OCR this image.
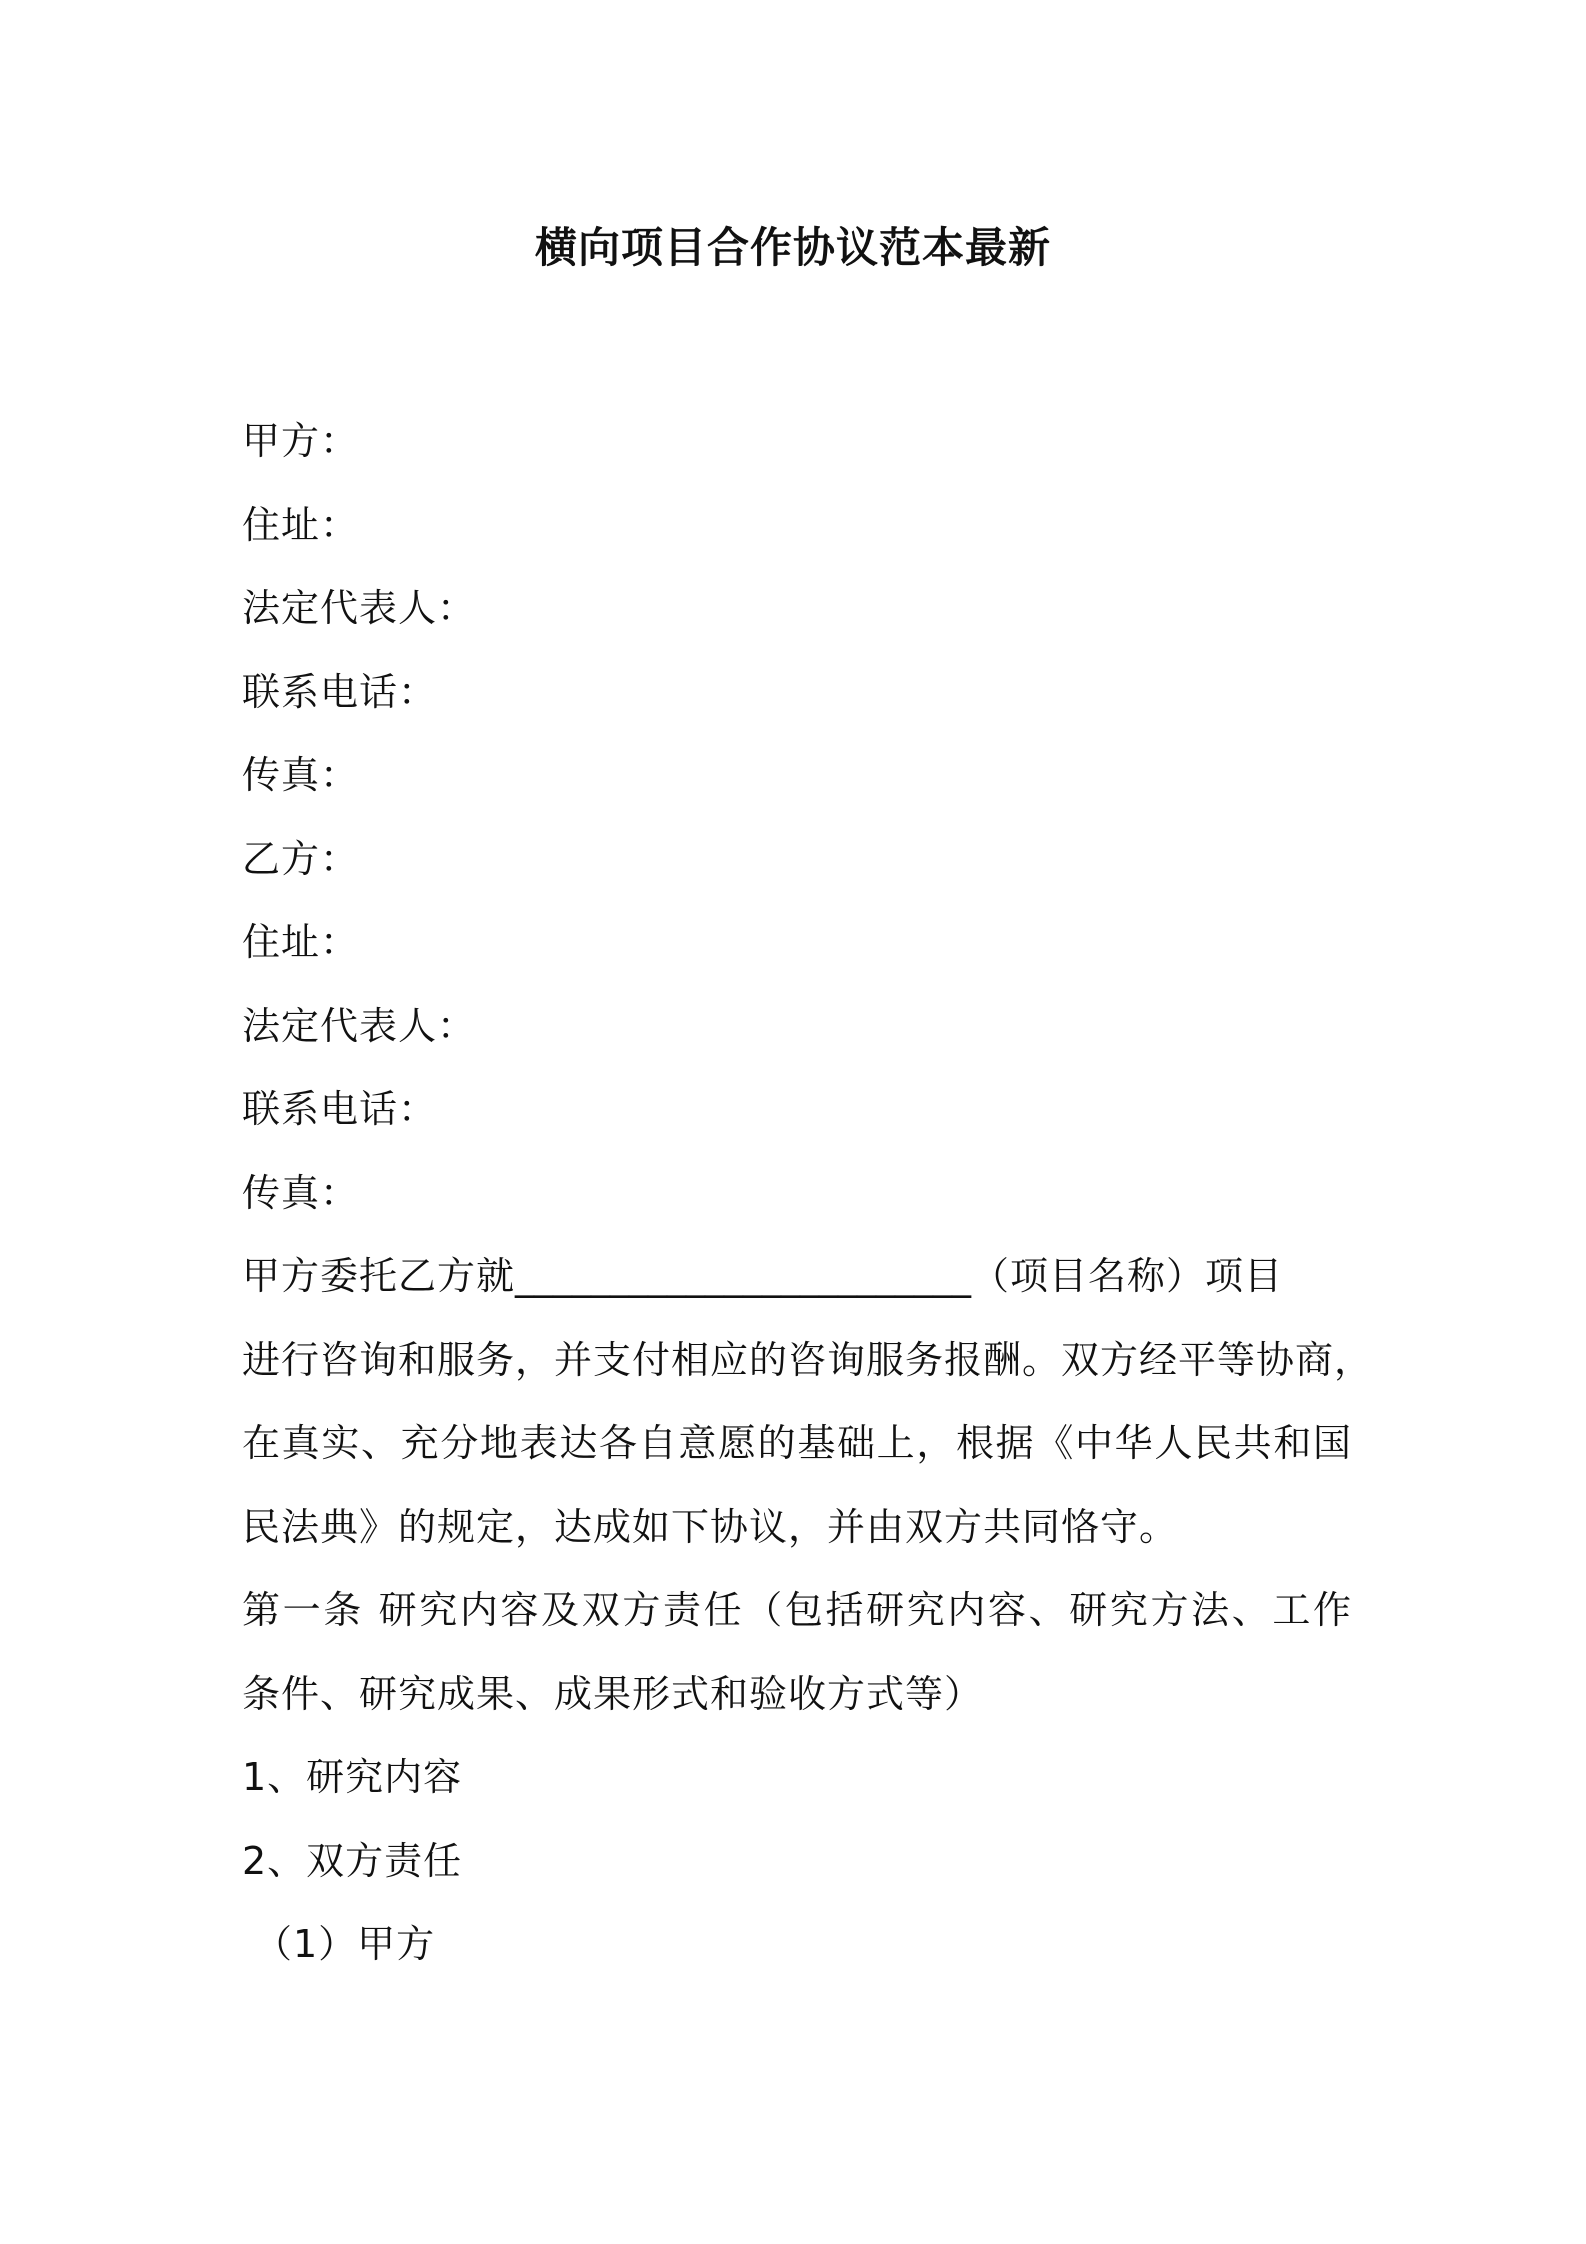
横向项目合作协议范本最新

甲方：

住址：

法定代表人：

联系电话：

传真：

乙方：

住址：

法定代表人：

联系电话：

传真：

甲方委托乙方就________________________（项目名称）项目

进行咨询和服务，并支付相应的咨询服务报酬。双方经平等协商，

在真实、充分地表达各自意愿的基础上，根据《中华人民共和国

民法典》的规定，达成如下协议，并由双方共同恪守。

第一条 研究内容及双方责任（包括研究内容、研究方法、工作

条件、研究成果、成果形式和验收方式等）

1、研究内容

2、双方责任

（1）甲方
